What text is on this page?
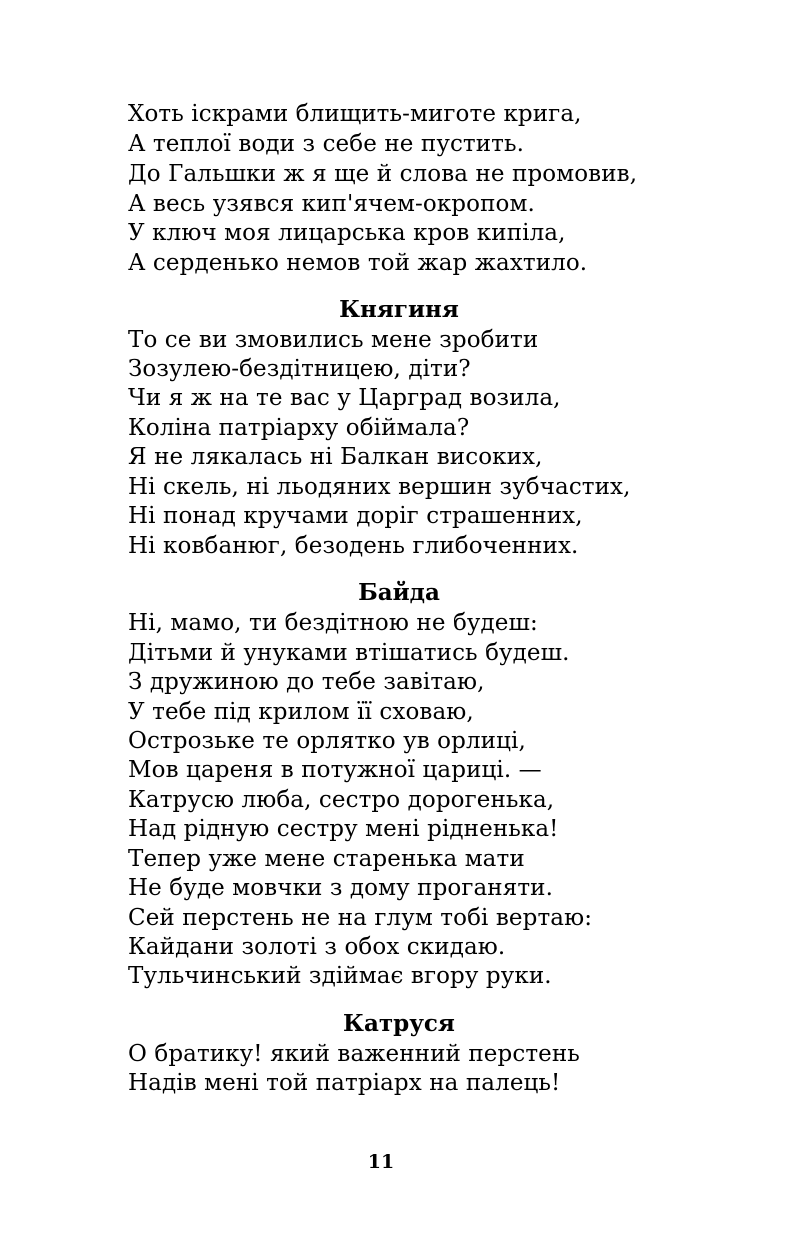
Хоть іскрами блищить-миготе крига,
А теплої води з себе не пустить.
До Гальшки ж я ще й слова не промовив,
А весь узявся кип'ячем-окропом.
У ключ моя лицарська кров кипіла,
А серденько немов той жар жахтило.
Княгиня
То се ви змовились мене зробити
Зозулею-бездітницею, діти?
Чи я ж на те вас у Царград возила,
Коліна патріарху обіймала?
Я не лякалась ні Балкан високих,
Ні скель, ні льодяних вершин зубчастих,
Ні понад кручами доріг страшенних,
Ні ковбанюг, безодень глибоченних.
Байда
Ні, мамо, ти бездітною не будеш:
Дітьми й унуками втішатись будеш.
З дружиною до тебе завітаю,
У тебе під крилом її сховаю,
Острозьке те орлятко ув орлиці,
Мов цареня в потужної цариці. —
Катрусю люба, сестро дорогенька,
Над рідную сестру мені ріднeнька!
Тепер уже мене старенька мати
Не буде мовчки з дому проганяти.
Сей перстень не на глум тобі вертаю:
Кайдани золоті з обох скидаю.
Тульчинський здіймає вгору руки.
Катруся
О братику! який важенний перстень
Надів мені той патріарх на палець!
11
